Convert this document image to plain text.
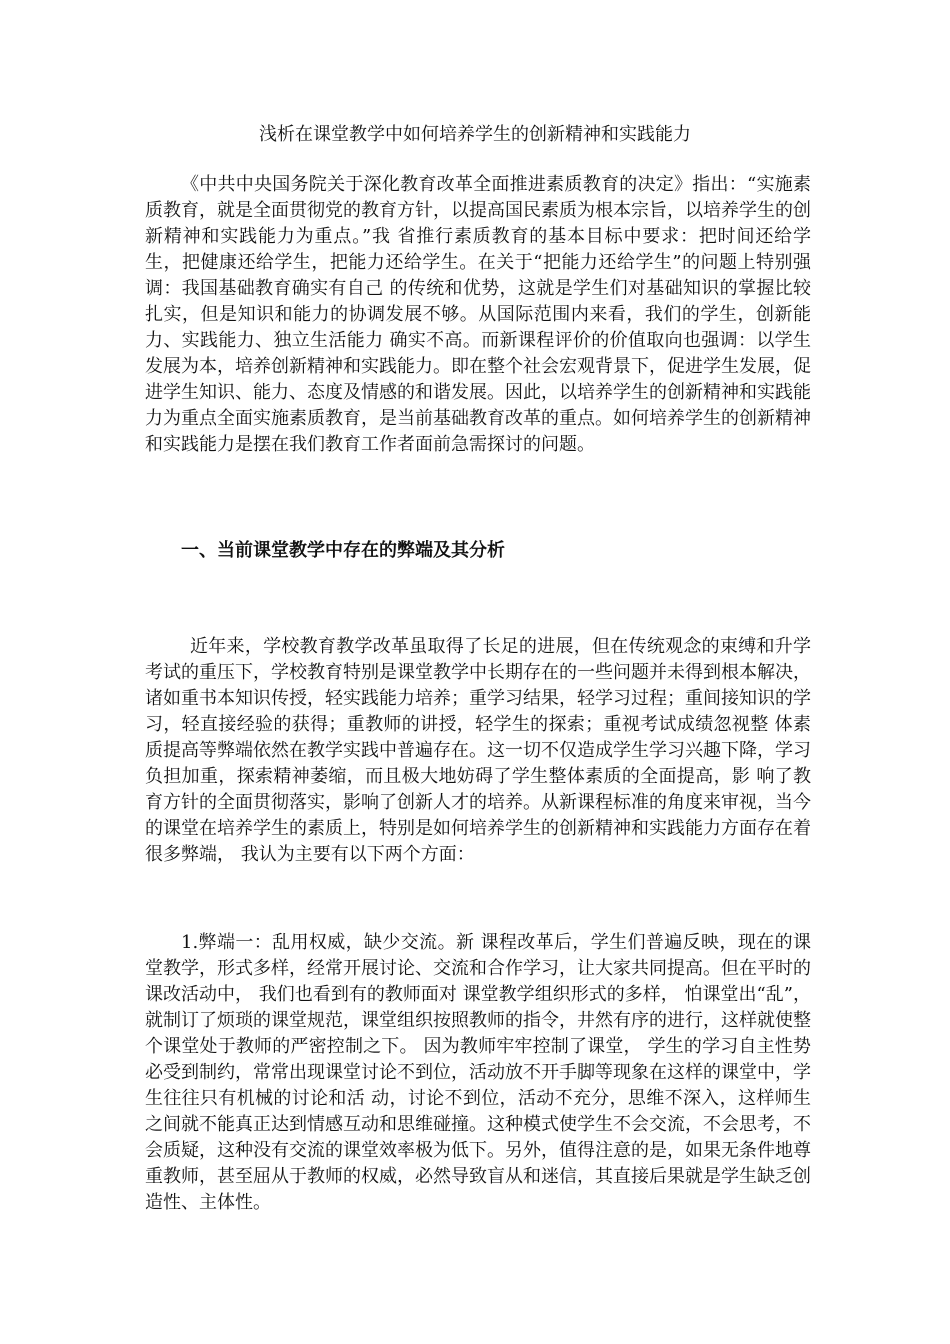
浅析在课堂教学中如何培养学生的创新精神和实践能力

《中共中央国务院关于深化教育改革全面推进素质教育的决定》指出：“实施素质教育，就是全面贯彻党的教育方针，以提高国民素质为根本宗旨，以培养学生的创新精神和实践能力为重点。”我 省推行素质教育的基本目标中要求：把时间还给学生，把健康还给学生，把能力还给学生。在关于“把能力还给学生”的问题上特别强调：我国基础教育确实有自己 的传统和优势，这就是学生们对基础知识的掌握比较扎实，但是知识和能力的协调发展不够。从国际范围内来看，我们的学生，创新能力、实践能力、独立生活能力 确实不高。而新课程评价的价值取向也强调：以学生发展为本，培养创新精神和实践能力。即在整个社会宏观背景下，促进学生发展，促进学生知识、能力、态度及情感的和谐发展。因此，以培养学生的创新精神和实践能力为重点全面实施素质教育，是当前基础教育改革的重点。如何培养学生的创新精神和实践能力是摆在我们教育工作者面前急需探讨的问题。

一、当前课堂教学中存在的弊端及其分析

近年来，学校教育教学改革虽取得了长足的进展，但在传统观念的束缚和升学考试的重压下，学校教育特别是课堂教学中长期存在的一些问题并未得到根本解决， 诸如重书本知识传授，轻实践能力培养；重学习结果，轻学习过程；重间接知识的学习，轻直接经验的获得；重教师的讲授，轻学生的探索；重视考试成绩忽视整 体素质提高等弊端依然在教学实践中普遍存在。这一切不仅造成学生学习兴趣下降，学习负担加重，探索精神萎缩，而且极大地妨碍了学生整体素质的全面提高，影 响了教育方针的全面贯彻落实，影响了创新人才的培养。从新课程标准的角度来审视，当今的课堂在培养学生的素质上，特别是如何培养学生的创新精神和实践能力方面存在着很多弊端， 我认为主要有以下两个方面：

1.弊端一：乱用权威，缺少交流。新 课程改革后，学生们普遍反映，现在的课堂教学，形式多样，经常开展讨论、交流和合作学习，让大家共同提高。但在平时的课改活动中， 我们也看到有的教师面对 课堂教学组织形式的多样， 怕课堂出“乱”，就制订了烦琐的课堂规范，课堂组织按照教师的指令，井然有序的进行，这样就使整个课堂处于教师的严密控制之下。 因为教师牢牢控制了课堂， 学生的学习自主性势必受到制约，常常出现课堂讨论不到位，活动放不开手脚等现象在这样的课堂中，学生往往只有机械的讨论和活 动，讨论不到位，活动不充分，思维不深入，这样师生之间就不能真正达到情感互动和思维碰撞。这种模式使学生不会交流，不会思考，不会质疑，这种没有交流的课堂效率极为低下。另外，值得注意的是，如果无条件地尊重教师，甚至屈从于教师的权威，必然导致盲从和迷信，其直接后果就是学生缺乏创造性、主体性。
